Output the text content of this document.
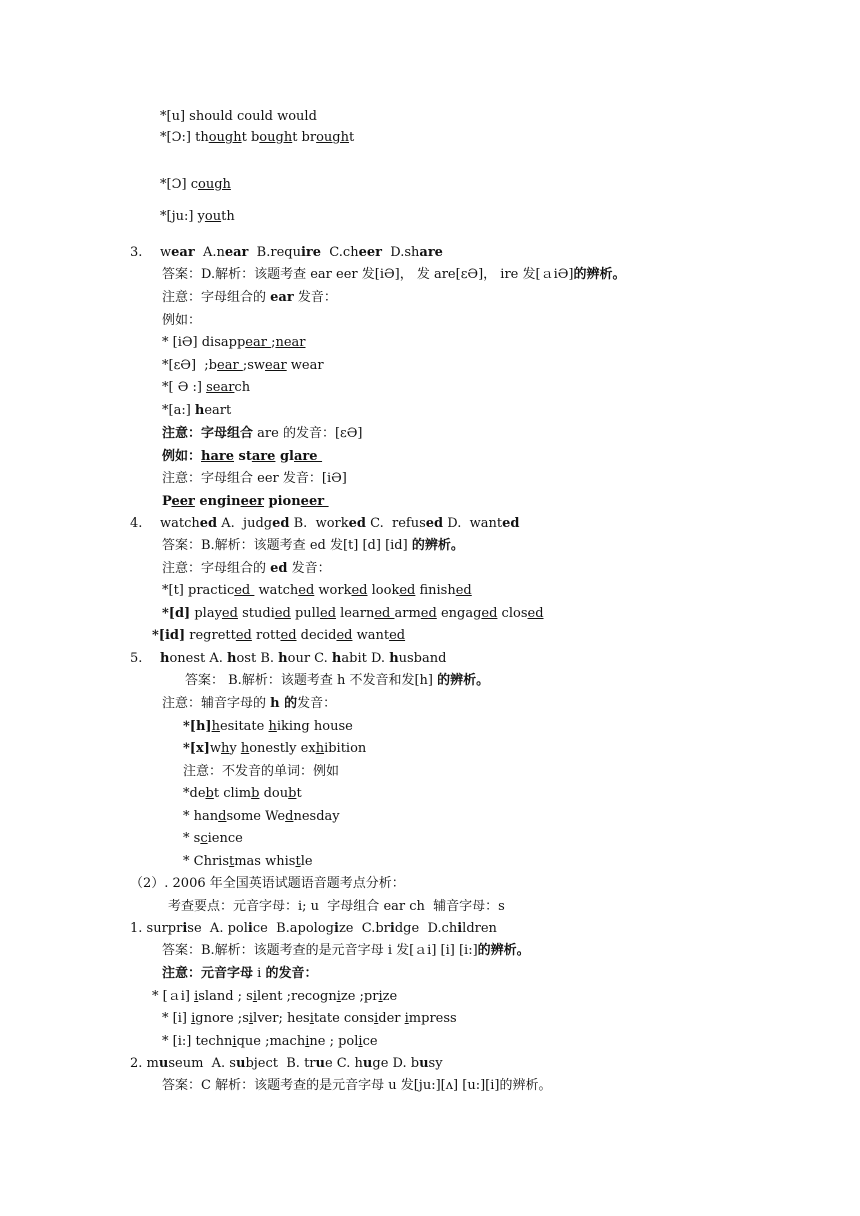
*[u] should could would
*[Ɔ:] thought bought brought
*[Ɔ] cough
*[ju:] youth
3. wear  A.near  B.require  C.cheer  D.share
答案：D.解析：该题考查 ear eer 发[iƏ]， 发 are[εƏ]， ire 发[ａiƏ]的辨析。
注意：字母组合的 ear 发音：
例如：
* [iƏ] disappear ;near
*[εƏ]  ;bear ;swear wear
*[ Ə :] search
*[a:] heart
注意：字母组合 are 的发音：[εƏ]
例如：hare stare glare
注意：字母组合 eer 发音：[iƏ]
Peer engineer pioneer
4. watched A.  judged B.  worked C.  refused D.  wanted
答案：B.解析：该题考查 ed 发[t] [d] [id] 的辨析。
注意：字母组合的 ed 发音：
*[t] practiced  watched worked looked finished
*[d] played studied pulled learned armed engaged closed
*[id] regretted rotted decided wanted
5. honest A. host B. hour C. habit D. husband
答案： B.解析：该题考查 h 不发音和发[h] 的辨析。
注意：辅音字母的 h 的发音：
*[h]hesitate hiking house
*[x]why honestly exhibition
注意：不发音的单词：例如
*debt climb doubt
* handsome Wednesday
* science
* Christmas whistle
（2）. 2006 年全国英语试题语音题考点分析：
考查要点：元音字母：i; u  字母组合 ear ch  辅音字母：s
1. surprise  A. police  B.apologize  C.bridge  D.children
答案：B.解析：该题考查的是元音字母 i 发[ａi] [i] [i:]的辨析。
注意：元音字母 i 的发音：
* [ａi] island ; silent ;recognize ;prize
* [i] ignore ;silver; hesitate consider impress
* [i:] technique ;machine ; police
2. museum  A. subject  B. true C. huge D. busy
答案：C 解析：该题考查的是元音字母 u 发[ju:][ʌ] [u:][i]的辨析。
